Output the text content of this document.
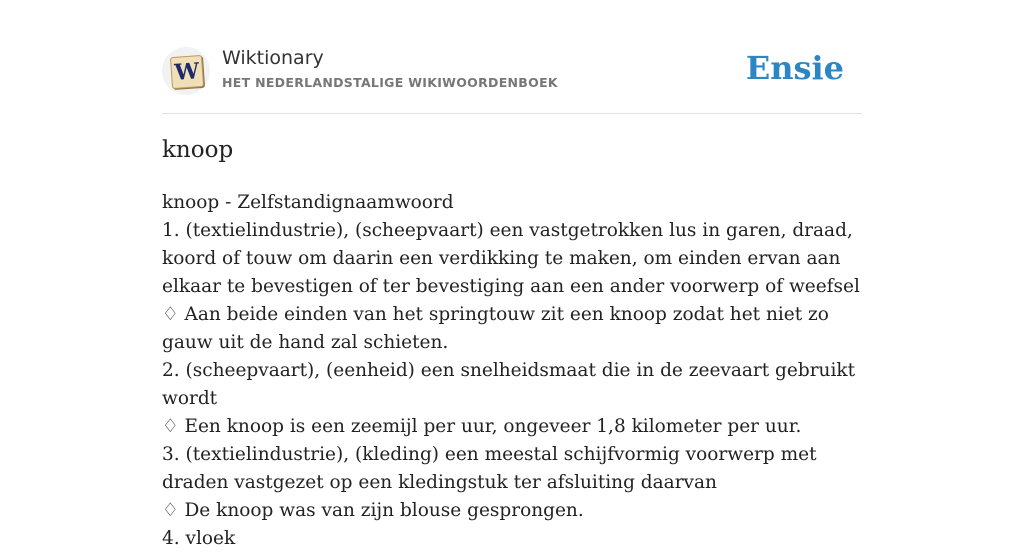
W
Wiktionary
HET NEDERLANDSTALIGE WIKIWOORDENBOEK	Ensie
knoop
knoop - Zelfstandignaamwoord
1. (textielindustrie), (scheepvaart) een vastgetrokken lus in garen, draad, koord of touw om daarin een verdikking te maken, om einden ervan aan elkaar te bevestigen of ter bevestiging aan een ander voorwerp of weefsel
♢ Aan beide einden van het springtouw zit een knoop zodat het niet zo gauw uit de hand zal schieten.
2. (scheepvaart), (eenheid) een snelheidsmaat die in de zeevaart gebruikt wordt
♢ Een knoop is een zeemijl per uur, ongeveer 1,8 kilometer per uur.
3. (textielindustrie), (kleding) een meestal schijfvormig voorwerp met draden vastgezet op een kledingstuk ter afsluiting daarvan
♢ De knoop was van zijn blouse gesprongen.
4. vloek
